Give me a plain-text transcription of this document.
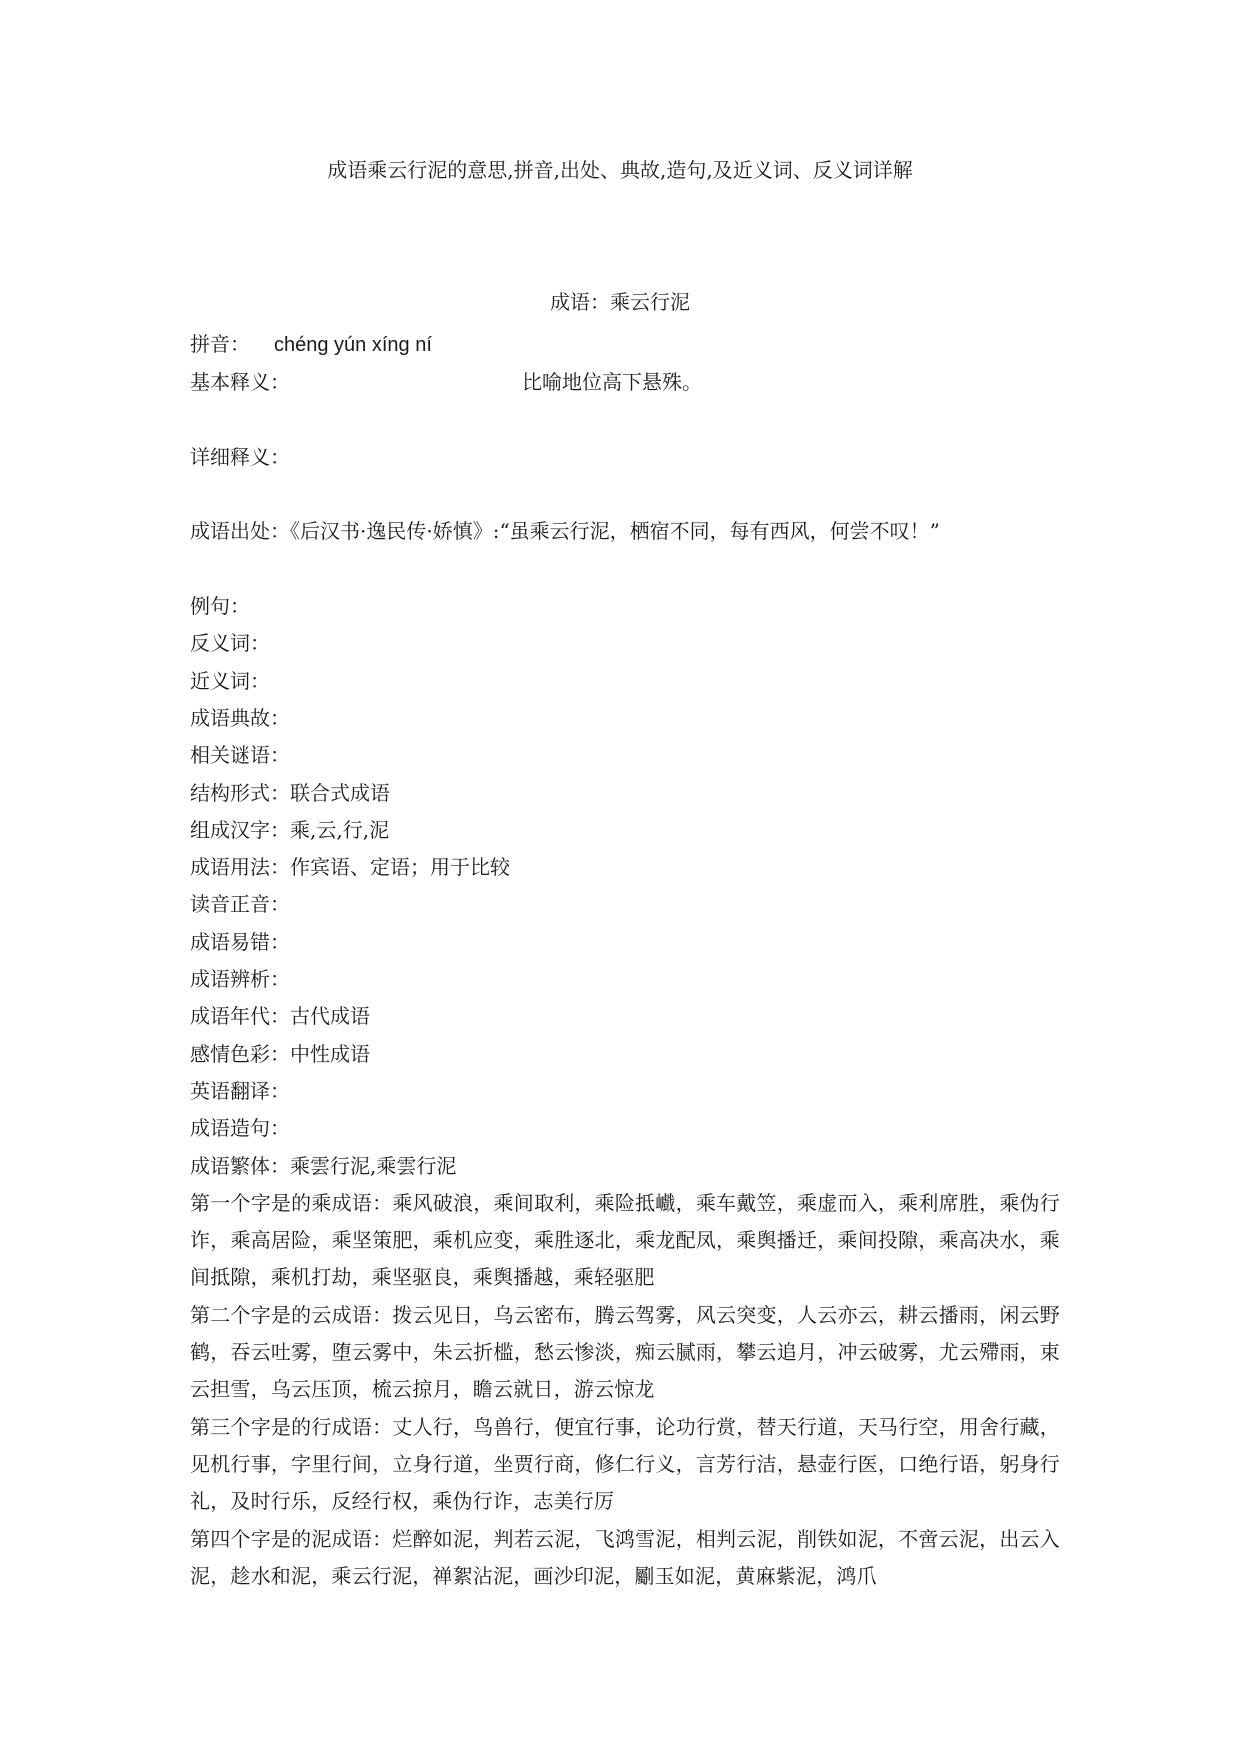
成语乘云行泥的意思,拼音,出处、典故,造句,及近义词、反义词详解
成语：乘云行泥

拼音： chéng yún xíng ní

基本释义：	比喻地位高下悬殊。

详细释义：

成语出处：《后汉书·逸民传·娇慎》:“虽乘云行泥，栖宿不同，每有西风，何尝不叹！”

例句：

反义词：

近义词：

成语典故：

相关谜语：

结构形式：联合式成语

组成汉字：乘,云,行,泥

成语用法：作宾语、定语；用于比较

读音正音：

成语易错：

成语辨析：

成语年代：古代成语

感情色彩：中性成语

英语翻译：

成语造句：

成语繁体：乘雲行泥,乘雲行泥

第一个字是的乘成语：乘风破浪，乘间取利，乘险抵巇，乘车戴笠，乘虚而入，乘利席胜，乘伪行诈，乘高居险，乘坚策肥，乘机应变，乘胜逐北，乘龙配凤，乘舆播迁，乘间投隙，乘高决水，乘间抵隙，乘机打劫，乘坚驱良，乘舆播越，乘轻驱肥

第二个字是的云成语：拨云见日，乌云密布，腾云驾雾，风云突变，人云亦云，耕云播雨，闲云野鹤，吞云吐雾，堕云雾中，朱云折槛，愁云惨淡，痴云腻雨，攀云追月，冲云破雾，尤云殢雨，束云担雪，乌云压顶，梳云掠月，瞻云就日，游云惊龙

第三个字是的行成语：丈人行，鸟兽行，便宜行事，论功行赏，替天行道，天马行空，用舍行藏，见机行事，字里行间，立身行道，坐贾行商，修仁行义，言芳行洁，悬壶行医，口绝行语，躬身行礼，及时行乐，反经行权，乘伪行诈，志美行厉

第四个字是的泥成语：烂醉如泥，判若云泥，飞鸿雪泥，相判云泥，削铁如泥，不啻云泥，出云入泥，趁水和泥，乘云行泥，禅絮沾泥，画沙印泥，劚玉如泥，黄麻紫泥，鸿爪
